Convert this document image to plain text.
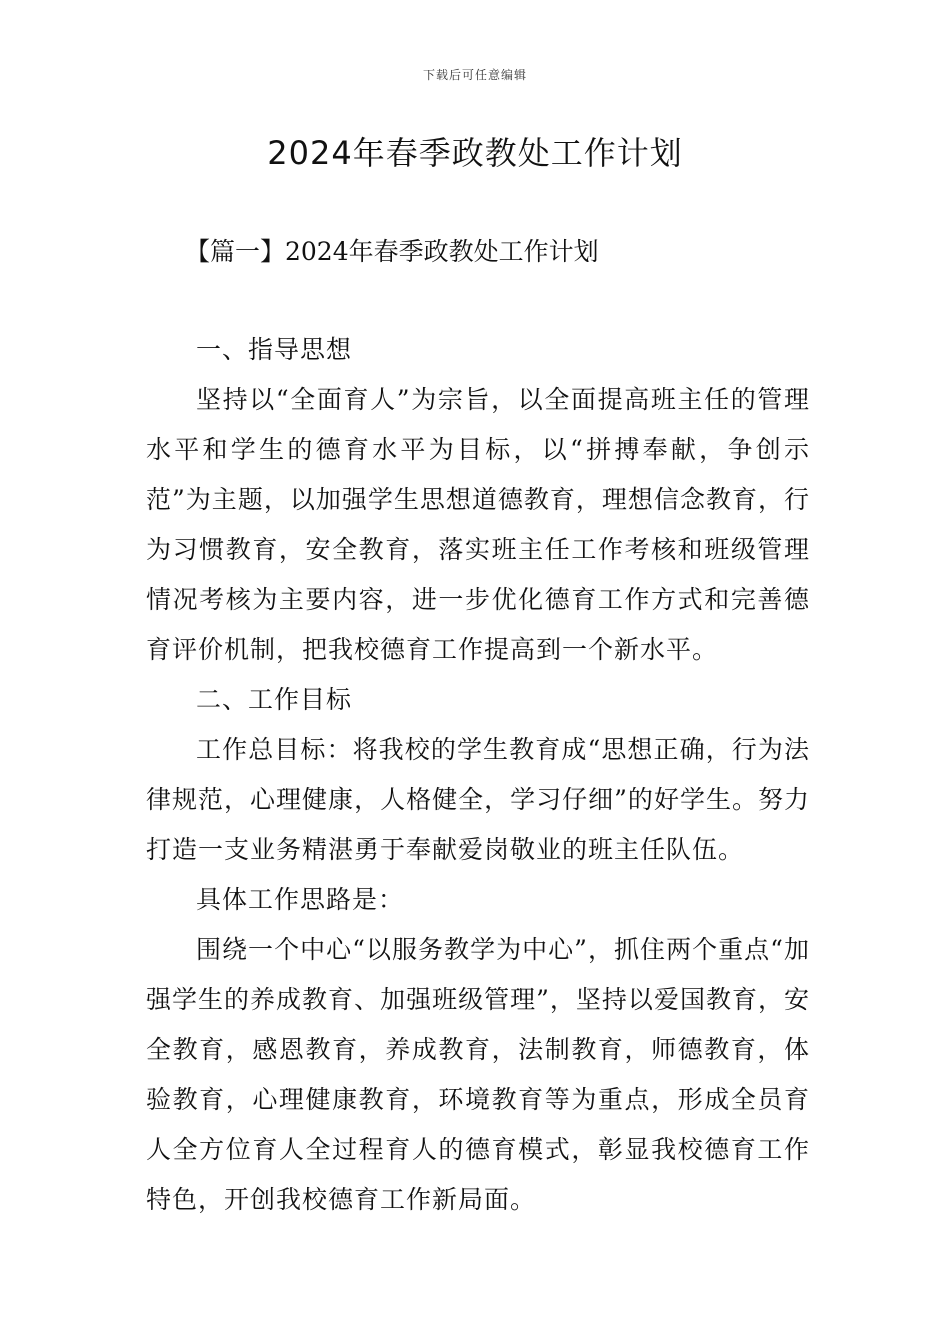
下载后可任意编辑
2024年春季政教处工作计划
【篇一】2024年春季政教处工作计划

一、指导思想

坚持以“全面育人”为宗旨，以全面提高班主任的管理水平和学生的德育水平为目标，以“拼搏奉献，争创示范”为主题，以加强学生思想道德教育，理想信念教育，行为习惯教育，安全教育，落实班主任工作考核和班级管理情况考核为主要内容，进一步优化德育工作方式和完善德育评价机制，把我校德育工作提高到一个新水平。

二、工作目标

工作总目标：将我校的学生教育成“思想正确，行为法律规范，心理健康，人格健全，学习仔细”的好学生。努力打造一支业务精湛勇于奉献爱岗敬业的班主任队伍。

具体工作思路是：

围绕一个中心“以服务教学为中心”，抓住两个重点“加强学生的养成教育、加强班级管理”，坚持以爱国教育，安全教育，感恩教育，养成教育，法制教育，师德教育，体验教育，心理健康教育，环境教育等为重点，形成全员育人全方位育人全过程育人的德育模式，彰显我校德育工作特色，开创我校德育工作新局面。
